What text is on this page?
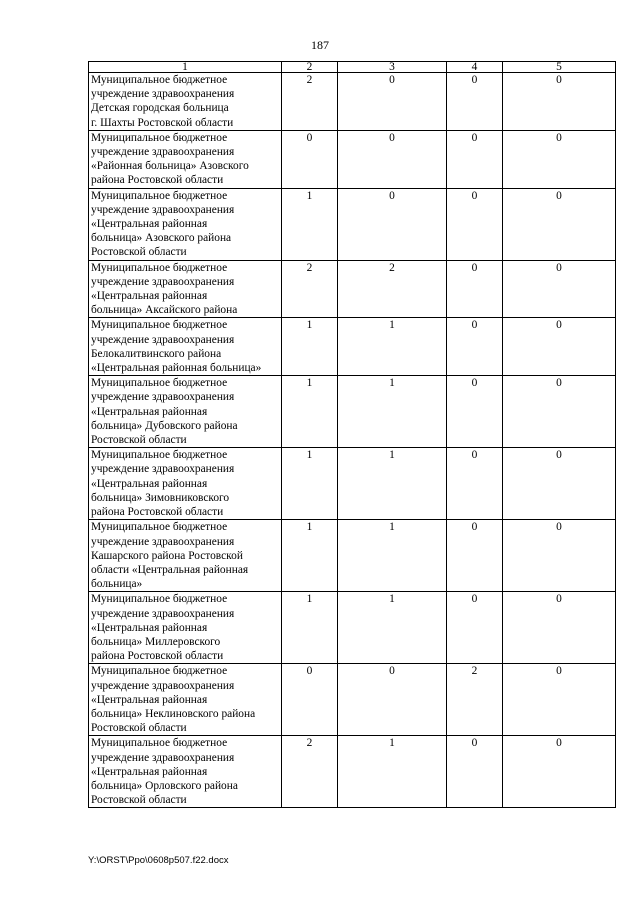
187
1	2	3	4	5

Муниципальное бюджетное
учреждение здравоохранения
Детская городская больница
г. Шахты Ростовской области	2	0	0	0

Муниципальное бюджетное
учреждение здравоохранения
«Районная больница» Азовского
района Ростовской области	0	0	0	0

Муниципальное бюджетное
учреждение здравоохранения
«Центральная районная
больница» Азовского района
Ростовской области	1	0	0	0

Муниципальное бюджетное
учреждение здравоохранения
«Центральная районная
больница» Аксайского района	2	2	0	0

Муниципальное бюджетное
учреждение здравоохранения
Белокалитвинского района
«Центральная районная больница»	1	1	0	0

Муниципальное бюджетное
учреждение здравоохранения
«Центральная районная
больница» Дубовского района
Ростовской области	1	1	0	0

Муниципальное бюджетное
учреждение здравоохранения
«Центральная районная
больница» Зимовниковского
района Ростовской области	1	1	0	0

Муниципальное бюджетное
учреждение здравоохранения
Кашарского района Ростовской
области «Центральная районная
больница»	1	1	0	0

Муниципальное бюджетное
учреждение здравоохранения
«Центральная районная
больница» Миллеровского
района Ростовской области	1	1	0	0

Муниципальное бюджетное
учреждение здравоохранения
«Центральная районная
больница» Неклиновского района
Ростовской области	0	0	2	0

Муниципальное бюджетное
учреждение здравоохранения
«Центральная районная
больница» Орловского района
Ростовской области	2	1	0	0
Y:\ORST\Ppo\0608p507.f22.docx
